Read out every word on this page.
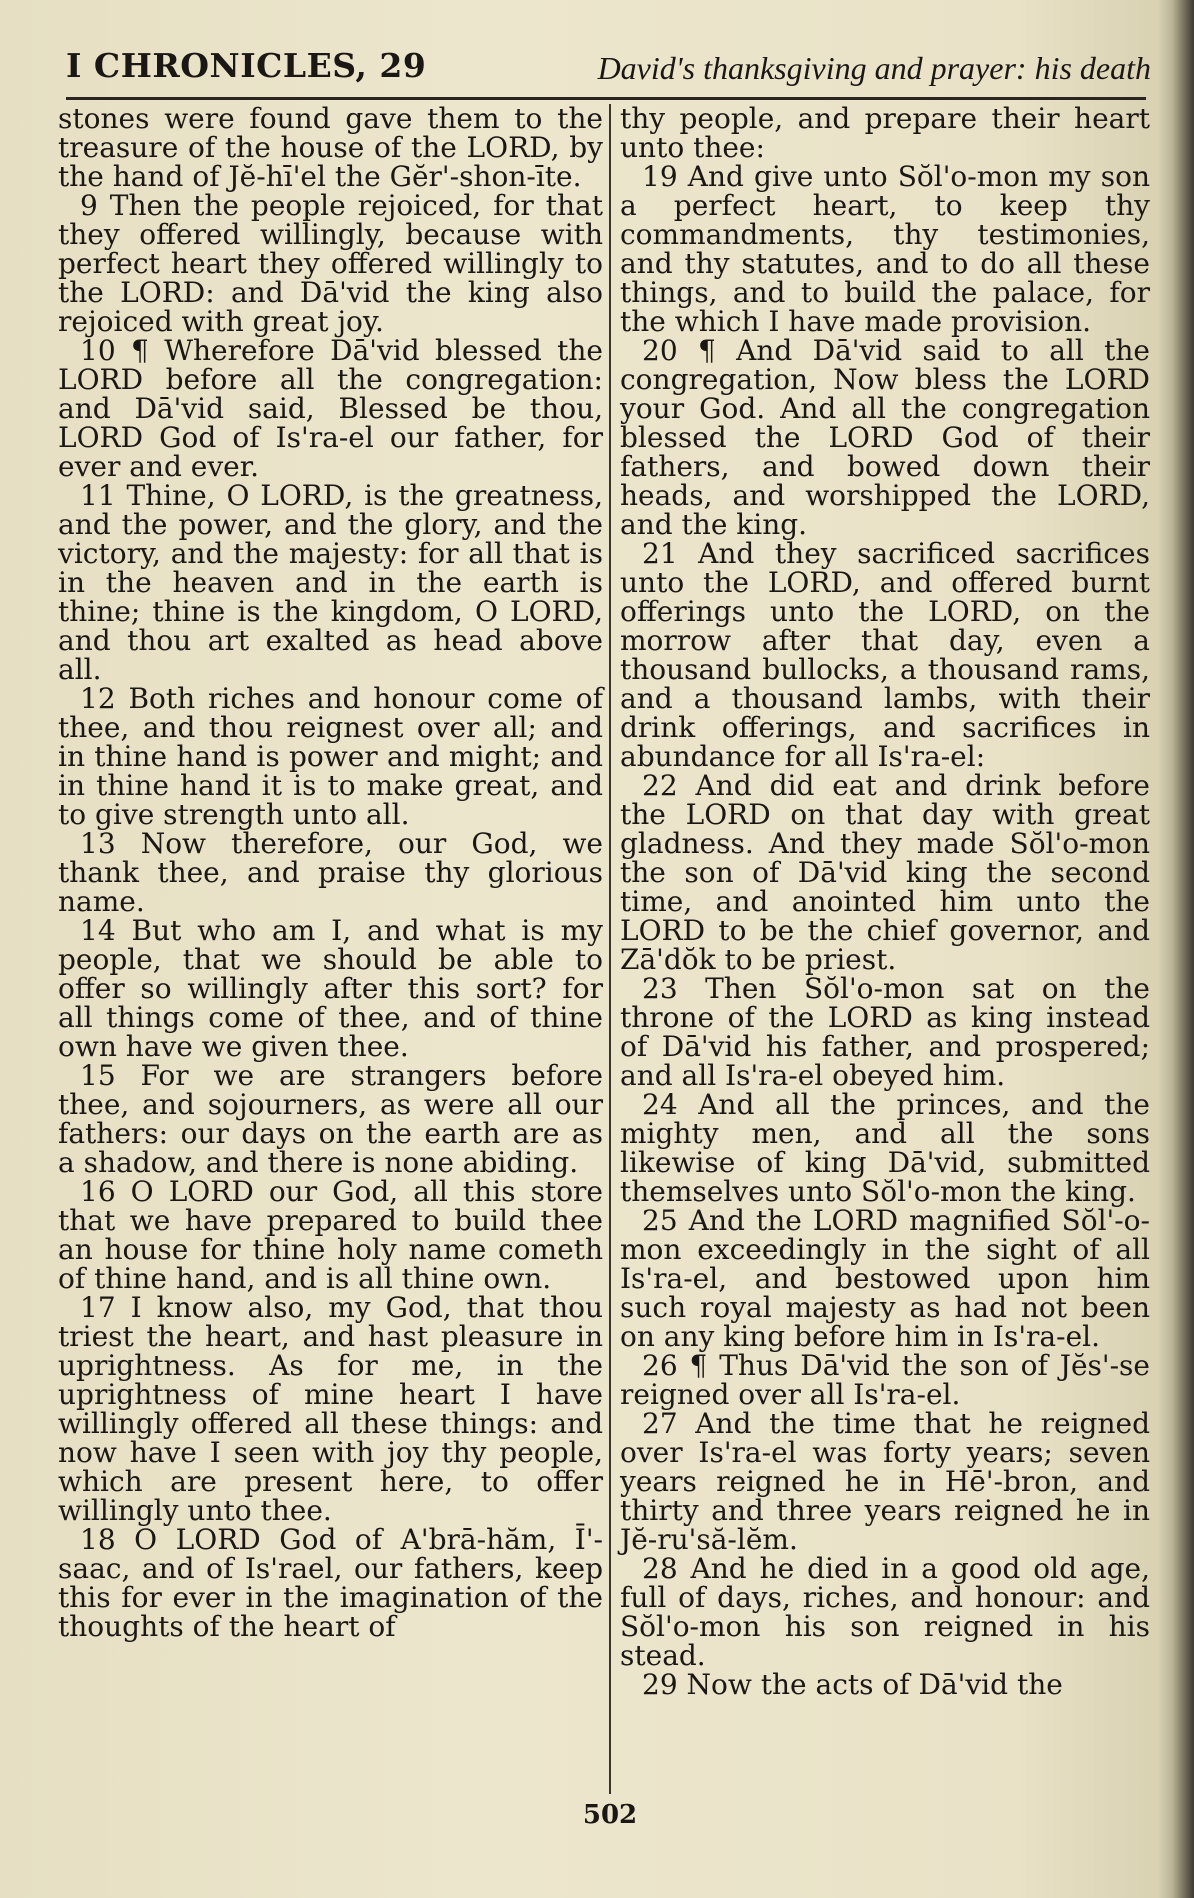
I CHRONICLES, 29	David's thanksgiving and prayer: his death

stones were found gave them to the treasure of the house of the LORD, by the hand of Jĕ-hī'el the Gĕr'-shon-īte.

9 Then the people rejoiced, for that they offered willingly, because with perfect heart they offered willingly to the LORD: and Dā'vid the king also rejoiced with great joy.

10 ¶ Wherefore Dā'vid blessed the LORD before all the congregation: and Dā'vid said, Blessed be thou, LORD God of Is'ra-el our father, for ever and ever.

11 Thine, O LORD, is the greatness, and the power, and the glory, and the victory, and the majesty: for all that is in the heaven and in the earth is thine; thine is the kingdom, O LORD, and thou art exalted as head above all.

12 Both riches and honour come of thee, and thou reignest over all; and in thine hand is power and might; and in thine hand it is to make great, and to give strength unto all.

13 Now therefore, our God, we thank thee, and praise thy glorious name.

14 But who am I, and what is my people, that we should be able to offer so willingly after this sort? for all things come of thee, and of thine own have we given thee.

15 For we are strangers before thee, and sojourners, as were all our fathers: our days on the earth are as a shadow, and there is none abiding.

16 O LORD our God, all this store that we have prepared to build thee an house for thine holy name cometh of thine hand, and is all thine own.

17 I know also, my God, that thou triest the heart, and hast pleasure in uprightness. As for me, in the uprightness of mine heart I have willingly offered all these things: and now have I seen with joy thy people, which are present here, to offer willingly unto thee.

18 O LORD God of A'brā-hăm, Ī'-saac, and of Is'rael, our fathers, keep this for ever in the imagination of the thoughts of the heart of

thy people, and prepare their heart unto thee:

19 And give unto Sŏl'o-mon my son a perfect heart, to keep thy commandments, thy testimonies, and thy statutes, and to do all these things, and to build the palace, for the which I have made provision.

20 ¶ And Dā'vid said to all the congregation, Now bless the LORD your God. And all the congregation blessed the LORD God of their fathers, and bowed down their heads, and worshipped the LORD, and the king.

21 And they sacrificed sacrifices unto the LORD, and offered burnt offerings unto the LORD, on the morrow after that day, even a thousand bullocks, a thousand rams, and a thousand lambs, with their drink offerings, and sacrifices in abundance for all Is'ra-el:

22 And did eat and drink before the LORD on that day with great gladness. And they made Sŏl'o-mon the son of Dā'vid king the second time, and anointed him unto the LORD to be the chief governor, and Zā'dŏk to be priest.

23 Then Sŏl'o-mon sat on the throne of the LORD as king instead of Dā'vid his father, and prospered; and all Is'ra-el obeyed him.

24 And all the princes, and the mighty men, and all the sons likewise of king Dā'vid, submitted themselves unto Sŏl'o-mon the king.

25 And the LORD magnified Sŏl'-o-mon exceedingly in the sight of all Is'ra-el, and bestowed upon him such royal majesty as had not been on any king before him in Is'ra-el.

26 ¶ Thus Dā'vid the son of Jĕs'-se reigned over all Is'ra-el.

27 And the time that he reigned over Is'ra-el was forty years; seven years reigned he in Hē'-bron, and thirty and three years reigned he in Jĕ-ru'să-lĕm.

28 And he died in a good old age, full of days, riches, and honour: and Sŏl'o-mon his son reigned in his stead.

29 Now the acts of Dā'vid the

502
